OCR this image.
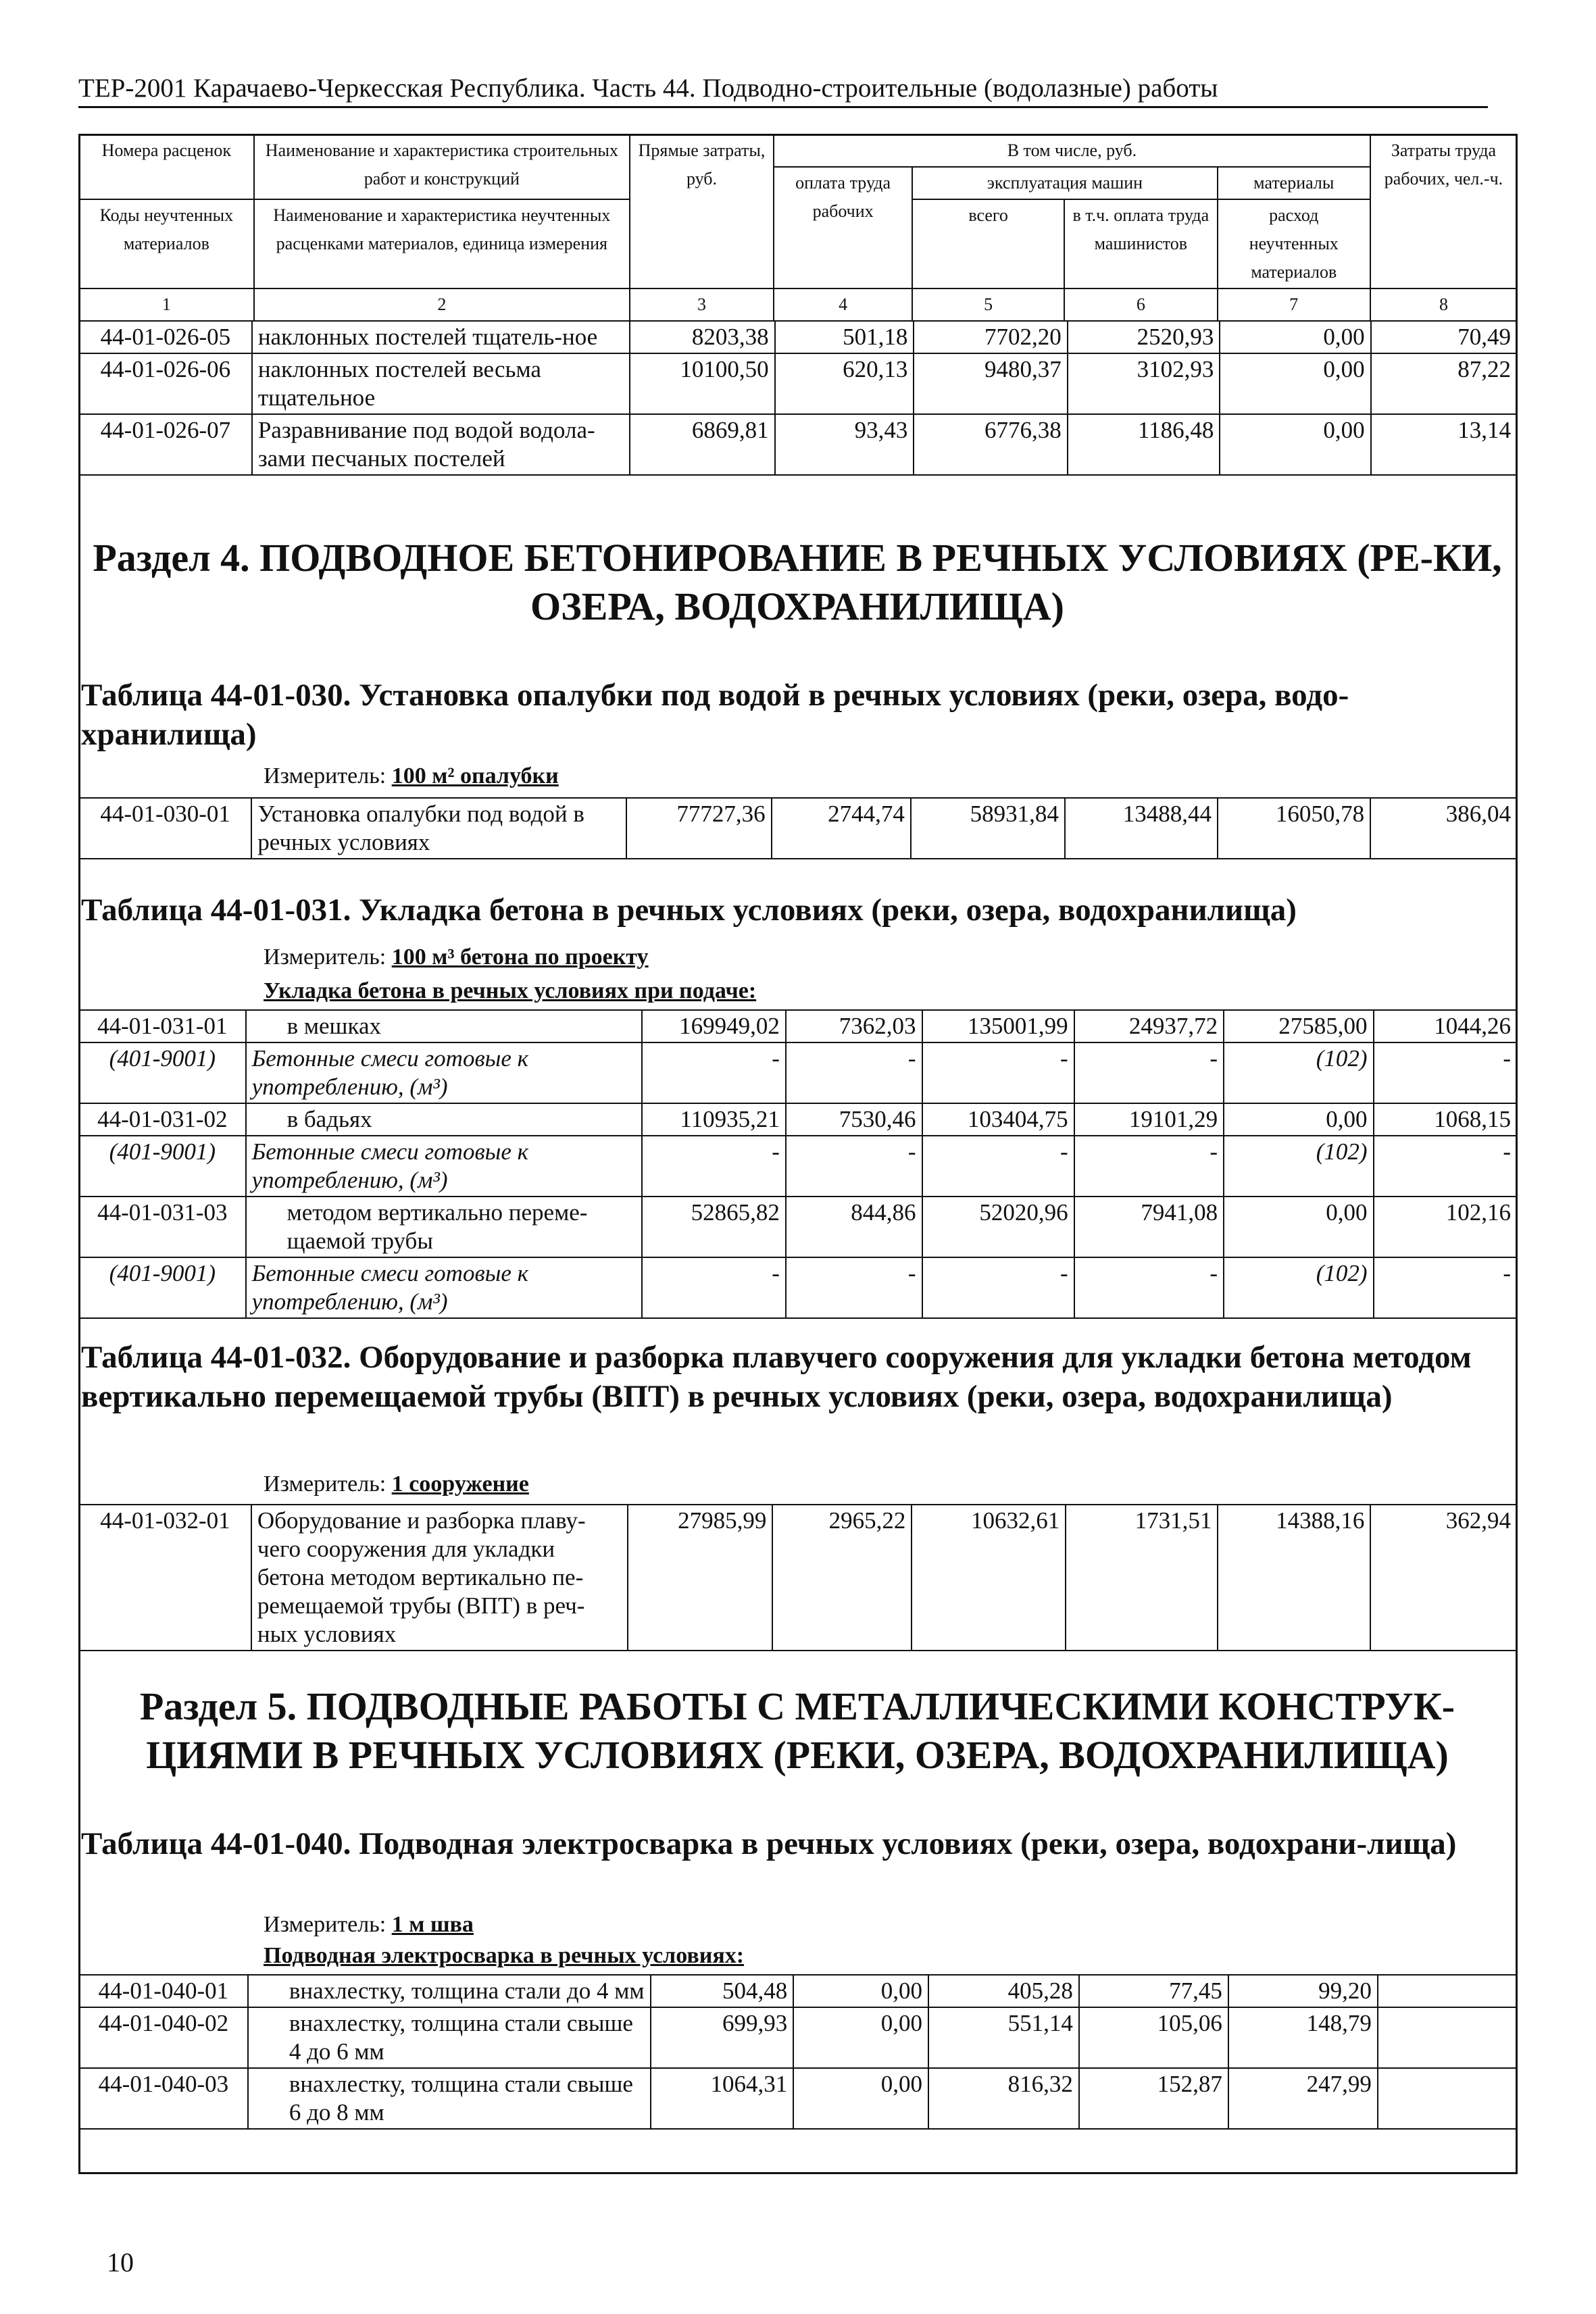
ТЕР-2001 Карачаево-Черкесская Республика. Часть 44. Подводно-строительные (водолазные) работы
Номера расценок	Наименование и характеристика строительных работ и конструкций	Прямые затраты, руб.	В том числе, руб.				Затраты труда рабочих, чел.-ч.
			оплата труда рабочих	эксплуатация машин		материалы	
Коды неучтенных материалов	Наименование и характеристика неучтенных расценками материалов, единица измерения			всего	в т.ч. оплата труда машинистов	расход неучтенных материалов	

1	2	3	4	5	6	7	8
44-01-026-05	наклонных постелей тщатель-ное	8203,38	501,18	7702,20	2520,93	0,00	70,49
44-01-026-06	наклонных постелей весьма тщательное	10100,50	620,13	9480,37	3102,93	0,00	87,22
44-01-026-07	Разравнивание под водой водола-зами песчаных постелей	6869,81	93,43	6776,38	1186,48	0,00	13,14
Раздел 4. ПОДВОДНОЕ БЕТОНИРОВАНИЕ В РЕЧНЫХ УСЛОВИЯХ (РЕ-КИ, ОЗЕРА, ВОДОХРАНИЛИЩА)
Таблица 44-01-030. Установка опалубки под водой в речных условиях (реки, озера, водо-хранилища)
Измеритель: 100 м² опалубки
44-01-030-01	Установка опалубки под водой в речных условиях	77727,36	2744,74	58931,84	13488,44	16050,78	386,04
Таблица 44-01-031. Укладка бетона в речных условиях (реки, озера, водохранилища)
Измеритель: 100 м³ бетона по проекту
Укладка бетона в речных условиях при подаче:
44-01-031-01	в мешках	169949,02	7362,03	135001,99	24937,72	27585,00	1044,26
(401-9001)	Бетонные смеси готовые к употреблению, (м³)	-	-	-	-	(102)	-
44-01-031-02	в бадьях	110935,21	7530,46	103404,75	19101,29	0,00	1068,15
(401-9001)	Бетонные смеси готовые к употреблению, (м³)	-	-	-	-	(102)	-
44-01-031-03	методом вертикально переме-щаемой трубы	52865,82	844,86	52020,96	7941,08	0,00	102,16
(401-9001)	Бетонные смеси готовые к употреблению, (м³)	-	-	-	-	(102)	-
Таблица 44-01-032. Оборудование и разборка плавучего сооружения для укладки бетона методом вертикально перемещаемой трубы (ВПТ) в речных условиях (реки, озера, водохранилища)
Измеритель: 1 сооружение
44-01-032-01	Оборудование и разборка плаву-чего сооружения для укладки бетона методом вертикально пе-ремещаемой трубы (ВПТ) в реч-ных условиях	27985,99	2965,22	10632,61	1731,51	14388,16	362,94
Раздел 5. ПОДВОДНЫЕ РАБОТЫ С МЕТАЛЛИЧЕСКИМИ КОНСТРУК-ЦИЯМИ В РЕЧНЫХ УСЛОВИЯХ (РЕКИ, ОЗЕРА, ВОДОХРАНИЛИЩА)
Таблица 44-01-040. Подводная электросварка в речных условиях (реки, озера, водохрани-лища)
Измеритель: 1 м шва
Подводная электросварка в речных условиях:
44-01-040-01	внахлестку, толщина стали до 4 мм	504,48	0,00	405,28	77,45	99,20	
44-01-040-02	внахлестку, толщина стали свыше 4 до 6 мм	699,93	0,00	551,14	105,06	148,79	
44-01-040-03	внахлестку, толщина стали свыше 6 до 8 мм	1064,31	0,00	816,32	152,87	247,99	
10
